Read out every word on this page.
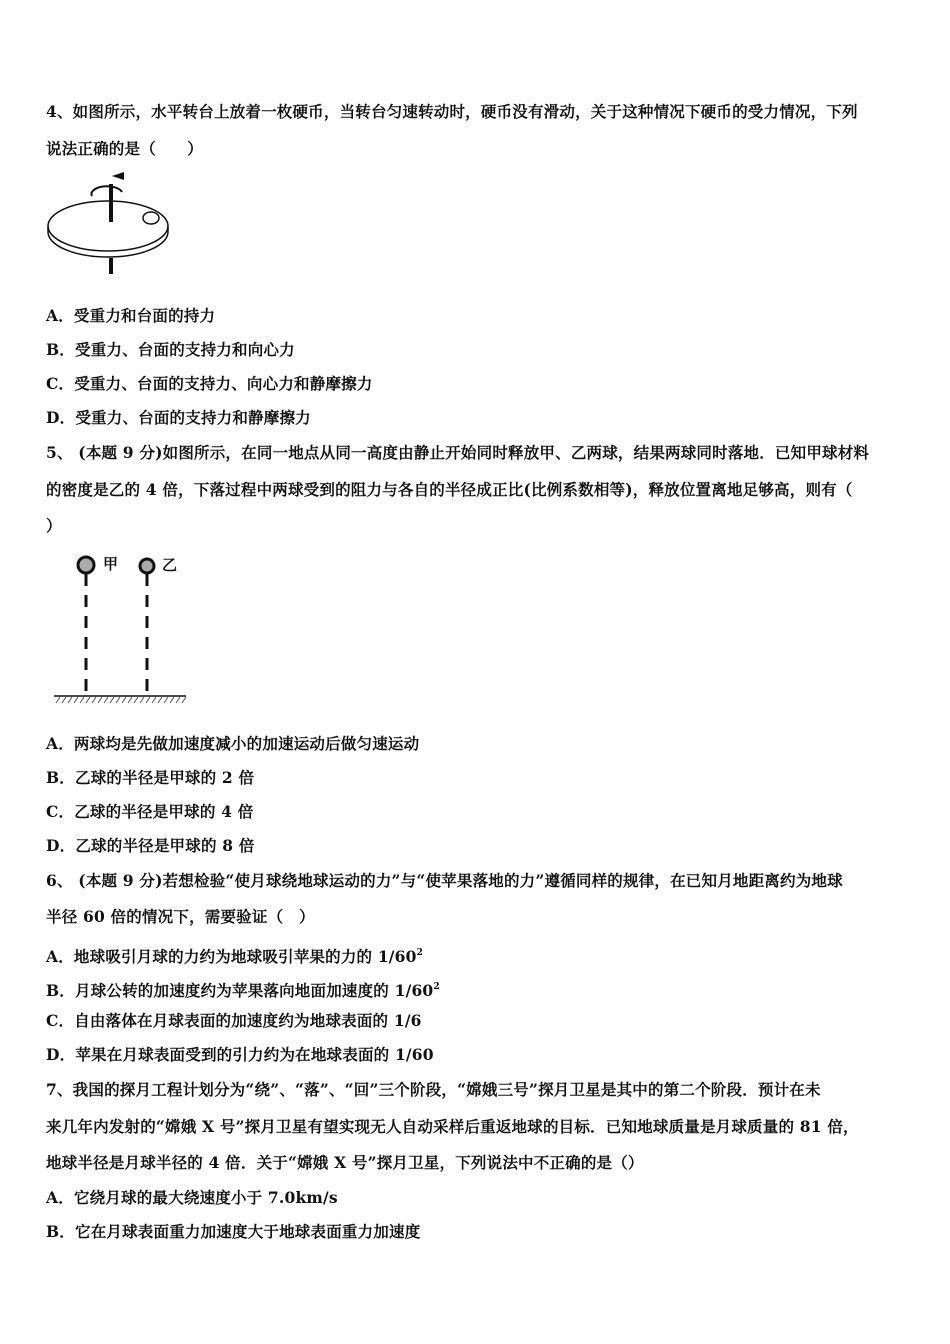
4、如图所示，水平转台上放着一枚硬币，当转台匀速转动时，硬币没有滑动，关于这种情况下硬币的受力情况，下列
说法正确的是（　　）
A．受重力和台面的持力
B．受重力、台面的支持力和向心力
C．受重力、台面的支持力、向心力和静摩擦力
D．受重力、台面的支持力和静摩擦力
5、 (本题 9 分)如图所示，在同一地点从同一高度由静止开始同时释放甲、乙两球，结果两球同时落地．已知甲球材料
的密度是乙的 4 倍，下落过程中两球受到的阻力与各自的半径成正比(比例系数相等)，释放位置离地足够高，则有（
）
甲	乙
A．两球均是先做加速度减小的加速运动后做匀速运动
B．乙球的半径是甲球的 2 倍
C．乙球的半径是甲球的 4 倍
D．乙球的半径是甲球的 8 倍
6、 (本题 9 分)若想检验“使月球绕地球运动的力”与“使苹果落地的力”遵循同样的规律，在已知月地距离约为地球
半径 60 倍的情况下，需要验证（　）
A．地球吸引月球的力约为地球吸引苹果的力的 $1/60^2$
B．月球公转的加速度约为苹果落向地面加速度的 $1/60^2$
C．自由落体在月球表面的加速度约为地球表面的 1/6
D．苹果在月球表面受到的引力约为在地球表面的 1/60
7、我国的探月工程计划分为“绕”、“落”、“回”三个阶段，“嫦娥三号”探月卫星是其中的第二个阶段．预计在未
来几年内发射的“嫦娥 X 号”探月卫星有望实现无人自动采样后重返地球的目标．已知地球质量是月球质量的 81 倍，
地球半径是月球半径的 4 倍．关于“嫦娥 X 号”探月卫星，下列说法中不正确的是（）
A．它绕月球的最大绕速度小于 7.0km/s
B．它在月球表面重力加速度大于地球表面重力加速度
